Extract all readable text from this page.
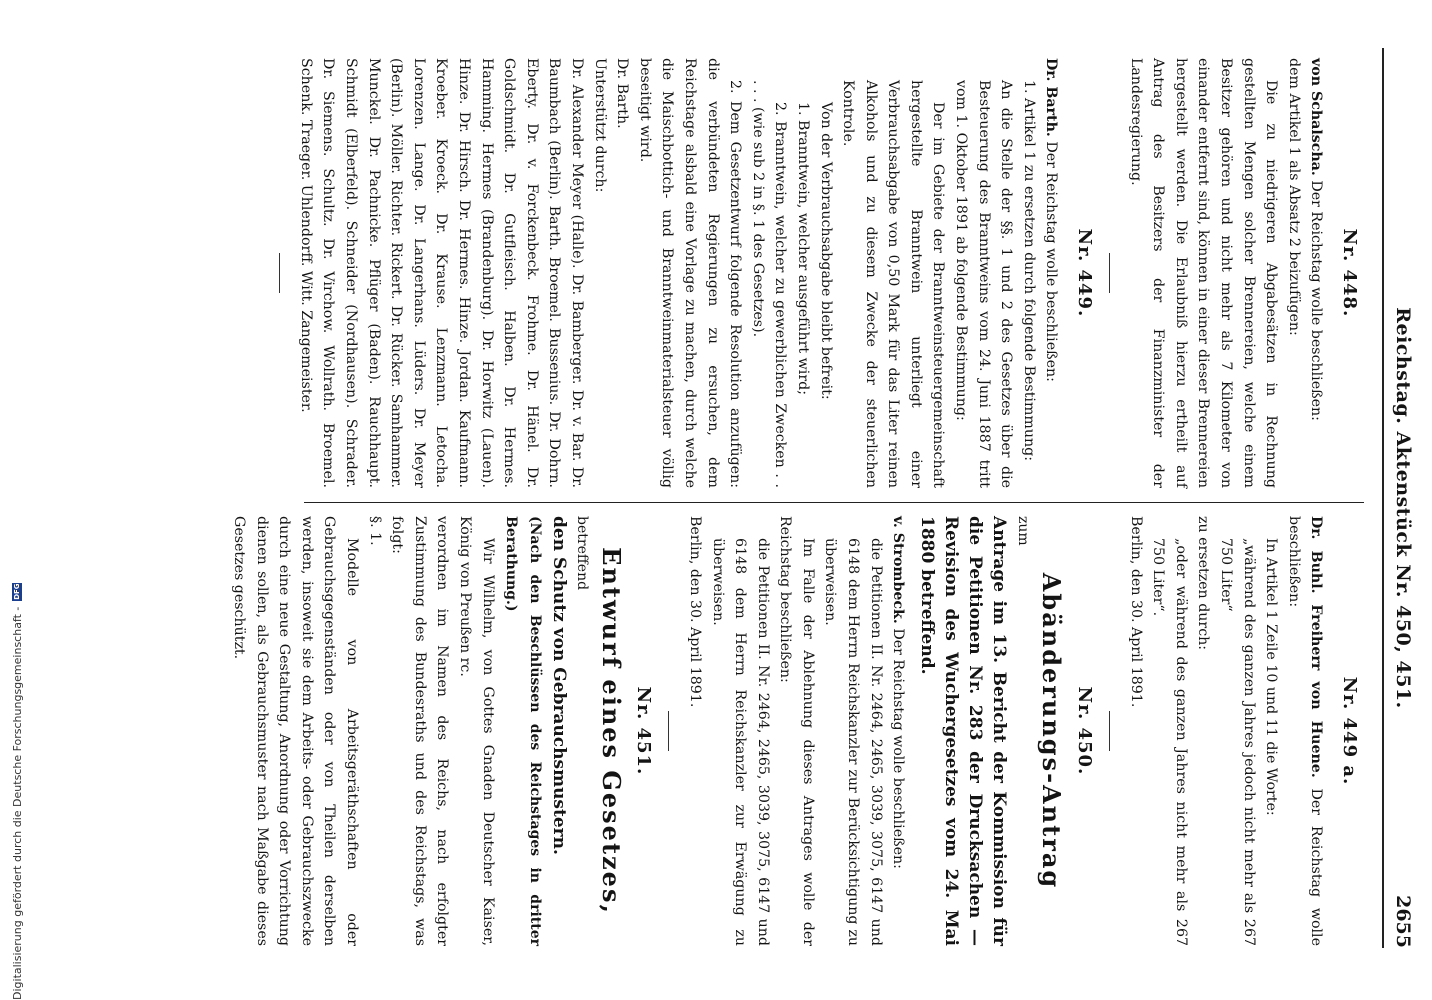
Reichstag. Aktenstück Nr. 450, 451.
2655
Nr. 448.

von Schalscha. Der Reichstag wolle beschließen:

dem Artikel 1 als Absatz 2 beizufügen:

Die zu niedrigeren Abgabesätzen in Rechnung gestellten Mengen solcher Brennereien, welche einem Besitzer gehören und nicht mehr als 7 Kilometer von einander entfernt sind, können in einer dieser Brennereien hergestellt werden. Die Erlaubniß hierzu ertheilt auf Antrag des Besitzers der Finanzminister der Landesregierung.

Nr. 449.

Dr. Barth. Der Reichstag wolle beschließen:

1. Artikel 1 zu ersetzen durch folgende Bestimmung:

An die Stelle der §§. 1 und 2 des Gesetzes über die Besteuerung des Branntweins vom 24. Juni 1887 tritt vom 1. Oktober 1891 ab folgende Bestimmung:

Der im Gebiete der Branntweinsteuergemeinschaft hergestellte Branntwein unterliegt einer Verbrauchsabgabe von 0,50 Mark für das Liter reinen Alkohols und zu diesem Zwecke der steuerlichen Kontrole.

Von der Verbrauchsabgabe bleibt befreit:

1. Branntwein, welcher ausgeführt wird;

2. Branntwein, welcher zu gewerblichen Zwecken . . . . . (wie sub 2 in §. 1 des Gesetzes).

2. Dem Gesetzentwurf folgende Resolution anzufügen: die verbündeten Regierungen zu ersuchen, dem Reichstage alsbald eine Vorlage zu machen, durch welche die Maischbottich- und Branntweinmaterialsteuer völlig beseitigt wird.

Dr. Barth.

Unterstützt durch:

Dr. Alexander Meyer (Halle). Dr. Bamberger. Dr. v. Bar. Dr. Baumbach (Berlin). Barth. Broemel. Bussenius. Dr. Dohrn. Eberty. Dr. v. Forckenbeck. Frohme. Dr. Hänel. Dr. Goldschmidt. Dr. Gutfleisch. Halben. Dr. Hermes. Hamming. Hermes (Brandenburg). Dr. Horwitz (Lauen). Hinze. Dr. Hirsch. Dr. Hermes. Hinze. Jordan. Kaufmann. Kroeber. Kroeck. Dr. Krause. Lenzmann. Letocha. Lorenzen. Lange. Dr. Langerhans. Lüders. Dr. Meyer (Berlin). Möller. Richter. Rickert. Dr. Rücker. Samhammer. Munckel. Dr. Pachnicke. Pflüger (Baden). Rauchhaupt. Schmidt (Elberfeld). Schneider (Nordhausen). Schrader. Dr. Siemens. Schultz. Dr. Virchow. Wollrath. Broemel. Schenk. Traeger. Uhlendorff. Witt. Zangemeister.

Nr. 449 a.

Dr. Buhl. Freiherr von Huene. Der Reichstag wolle beschließen:

In Artikel 1 Zeile 10 und 11 die Worte:

„während des ganzen Jahres jedoch nicht mehr als 267 750 Liter“

zu ersetzen durch:

„oder während des ganzen Jahres nicht mehr als 267 750 Liter“.

Berlin, den 30. April 1891.

Nr. 450.
Abänderungs-Antrag

zum

Antrage im 13. Bericht der Kommission für die Petitionen Nr. 283 der Drucksachen — Revision des Wuchergesetzes vom 24. Mai 1880 betreffend.

v. Strombeck. Der Reichstag wolle beschließen:

die Petitionen II. Nr. 2464, 2465, 3039, 3075, 6147 und 6148 dem Herrn Reichskanzler zur Berücksichtigung zu überweisen.

Im Falle der Ablehnung dieses Antrages wolle der Reichstag beschließen:

die Petitionen II. Nr. 2464, 2465, 3039, 3075, 6147 und 6148 dem Herrn Reichskanzler zur Erwägung zu überweisen.

Berlin, den 30. April 1891.

Nr. 451.
Entwurf eines Gesetzes,

betreffend

den Schutz von Gebrauchsmustern.

(Nach den Beschlüssen des Reichstages in dritter Berathung.)

Wir Wilhelm, von Gottes Gnaden Deutscher Kaiser, König von Preußen rc.

verordnen im Namen des Reichs, nach erfolgter Zustimmung des Bundesraths und des Reichstags, was folgt:

§. 1.

Modelle von Arbeitsgeräthschaften oder Gebrauchsgegenständen oder von Theilen derselben werden, insoweit sie dem Arbeits- oder Gebrauchszwecke durch eine neue Gestaltung, Anordnung oder Vorrichtung dienen sollen, als Gebrauchsmuster nach Maßgabe dieses Gesetzes geschützt.

Digitalisierung gefördert durch die Deutsche Forschungsgemeinschaft -
DFG
